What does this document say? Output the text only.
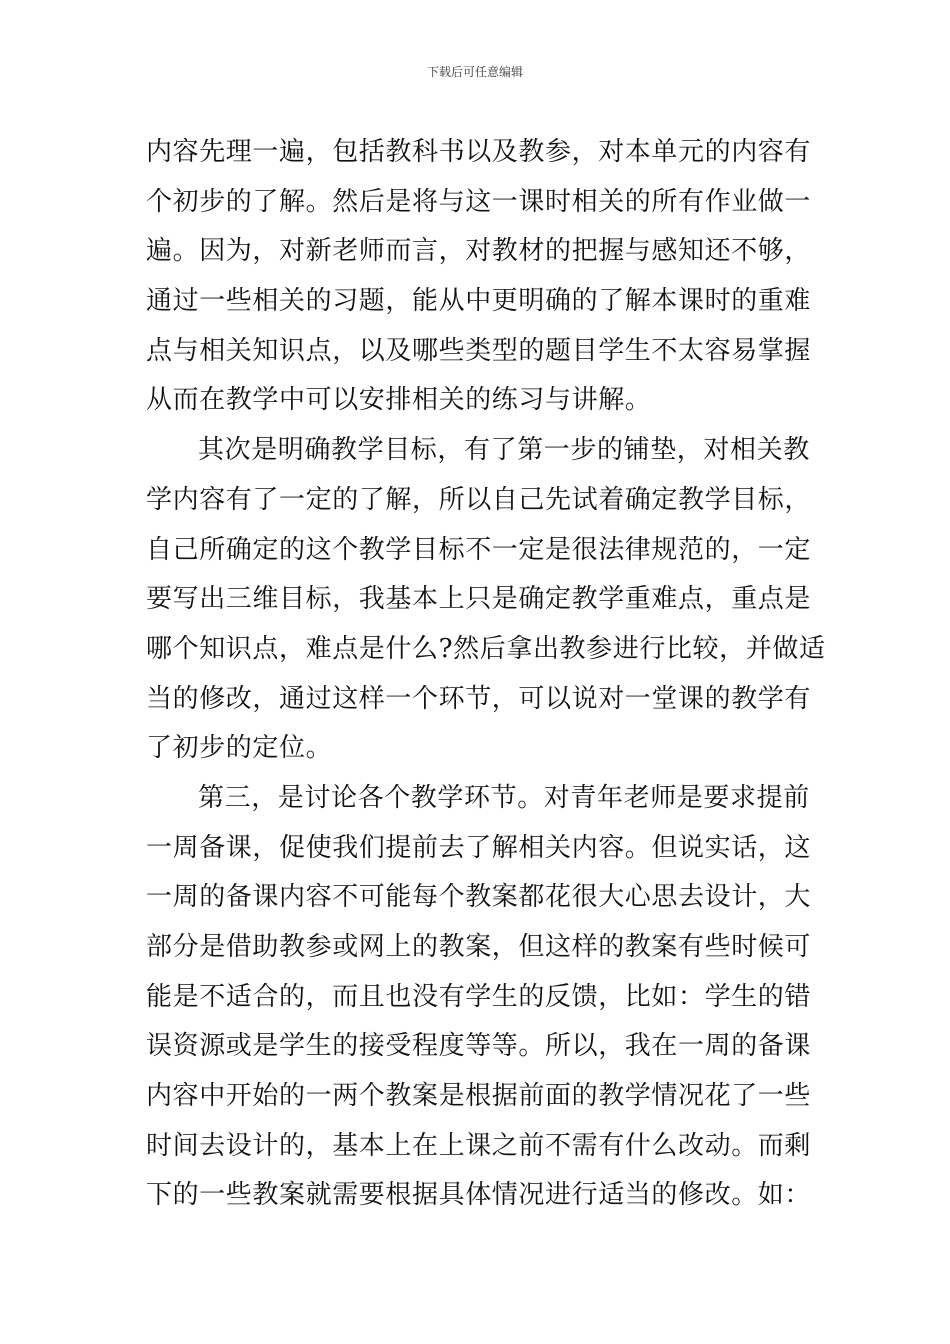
下载后可任意编辑
内容先理一遍，包括教科书以及教参，对本单元的内容有
个初步的了解。然后是将与这一课时相关的所有作业做一
遍。因为，对新老师而言，对教材的把握与感知还不够，
通过一些相关的习题，能从中更明确的了解本课时的重难
点与相关知识点，以及哪些类型的题目学生不太容易掌握
从而在教学中可以安排相关的练习与讲解。
其次是明确教学目标，有了第一步的铺垫，对相关教
学内容有了一定的了解，所以自己先试着确定教学目标，
自己所确定的这个教学目标不一定是很法律规范的，一定
要写出三维目标，我基本上只是确定教学重难点，重点是
哪个知识点，难点是什么?然后拿出教参进行比较，并做适
当的修改，通过这样一个环节，可以说对一堂课的教学有
了初步的定位。
第三，是讨论各个教学环节。对青年老师是要求提前
一周备课，促使我们提前去了解相关内容。但说实话，这
一周的备课内容不可能每个教案都花很大心思去设计，大
部分是借助教参或网上的教案，但这样的教案有些时候可
能是不适合的，而且也没有学生的反馈，比如：学生的错
误资源或是学生的接受程度等等。所以，我在一周的备课
内容中开始的一两个教案是根据前面的教学情况花了一些
时间去设计的，基本上在上课之前不需有什么改动。而剩
下的一些教案就需要根据具体情况进行适当的修改。如：
